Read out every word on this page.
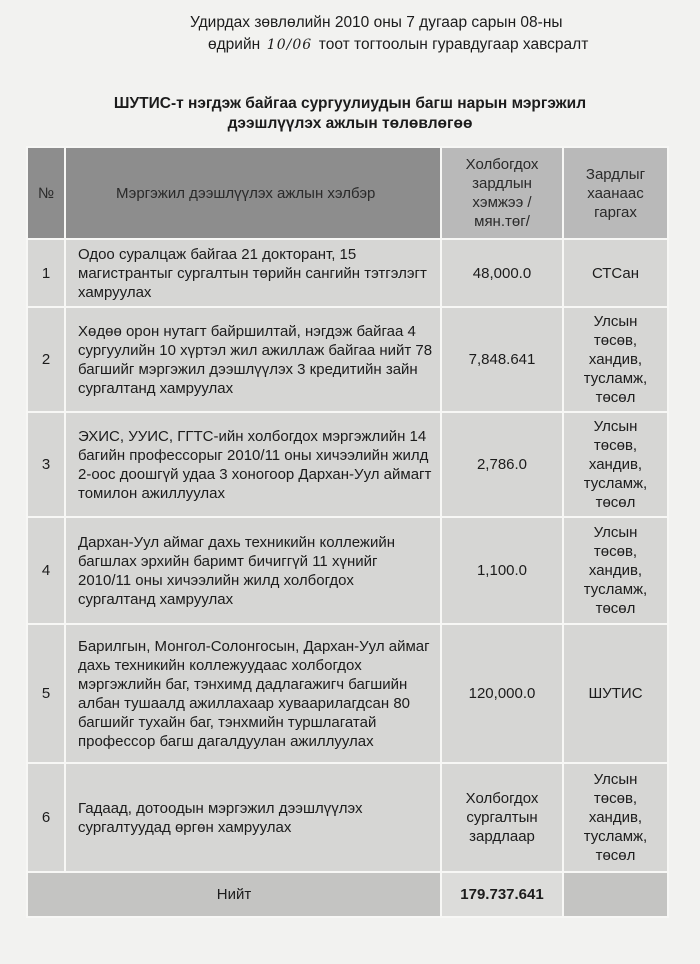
Удирдах зөвлөлийн 2010 оны 7 дугаар сарын 08-ны
өдрийн 10/06 тоот тогтоолын гуравдугаар хавсралт
ШУТИС-т нэгдэж байгаа сургуулиудын багш нарын мэргэжил
дээшлүүлэх ажлын төлөвлөгөө
№	Мэргэжил дээшлүүлэх ажлын хэлбэр	Холбогдох зардлын хэмжээ /мян.төг/	Зардлыг хаанаас гаргах
1	Одоо суралцаж байгаа 21 докторант, 15 магистрантыг сургалтын төрийн сангийн тэтгэлэгт хамруулах	48,000.0	СТСан
2	Хөдөө орон нутагт байршилтай, нэгдэж байгаа 4 сургуулийн 10 хүртэл жил ажиллаж байгаа нийт 78 багшийг мэргэжил дээшлүүлэх 3 кредитийн зайн сургалтанд хамруулах	7,848.641	Улсын төсөв, хандив, тусламж, төсөл
3	ЭХИС, УУИС, ГГТС-ийн холбогдох мэргэжлийн 14 багийн профессорыг 2010/11 оны хичээлийн жилд 2-оос доошгүй удаа 3 хоногоор Дархан-Уул аймагт томилон ажиллуулах	2,786.0	Улсын төсөв, хандив, тусламж, төсөл
4	Дархан-Уул аймаг дахь техникийн коллежийн багшлах эрхийн баримт бичиггүй 11 хүнийг 2010/11 оны хичээлийн жилд холбогдох сургалтанд хамруулах	1,100.0	Улсын төсөв, хандив, тусламж, төсөл
5	Барилгын, Монгол-Солонгосын, Дархан-Уул аймаг дахь техникийн коллежуудаас холбогдох мэргэжлийн баг, тэнхимд дадлагажигч багшийн албан тушаалд ажиллахаар хуваарилагдсан 80 багшийг тухайн баг, тэнхмийн туршлагатай профессор багш дагалдуулан ажиллуулах	120,000.0	ШУТИС
6	Гадаад, дотоодын мэргэжил дээшлүүлэх сургалтуудад өргөн хамруулах	Холбогдох сургалтын зардлаар	Улсын төсөв, хандив, тусламж, төсөл
Нийт		179.737.641	
